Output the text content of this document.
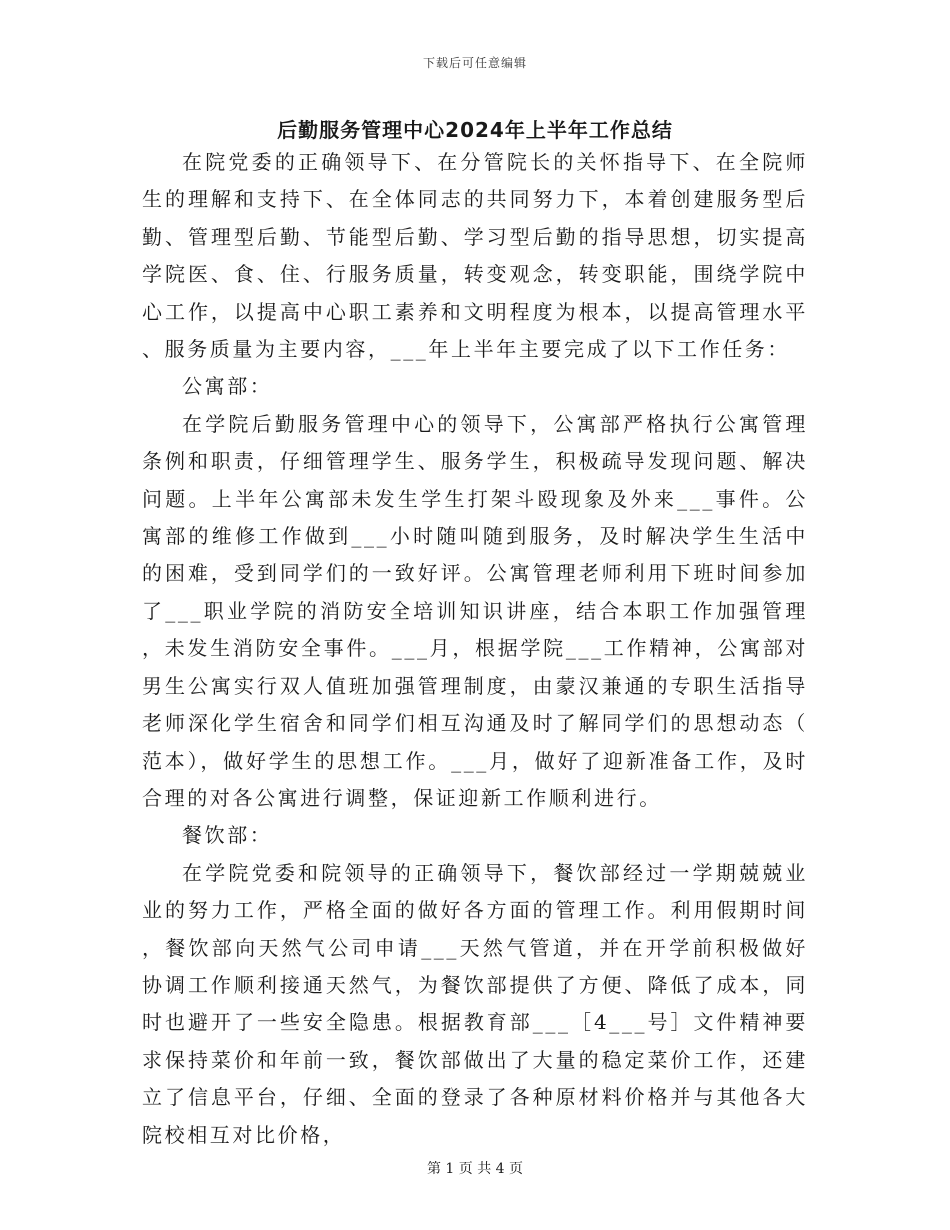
下载后可任意编辑
后勤服务管理中心2024年上半年工作总结

在院党委的正确领导下、在分管院长的关怀指导下、在全院师生的理解和支持下、在全体同志的共同努力下，本着创建服务型后勤、管理型后勤、节能型后勤、学习型后勤的指导思想，切实提高学院医、食、住、行服务质量，转变观念，转变职能，围绕学院中心工作，以提高中心职工素养和文明程度为根本，以提高管理水平、服务质量为主要内容，___年上半年主要完成了以下工作任务：

公寓部：

在学院后勤服务管理中心的领导下，公寓部严格执行公寓管理条例和职责，仔细管理学生、服务学生，积极疏导发现问题、解决问题。上半年公寓部未发生学生打架斗殴现象及外来___事件。公寓部的维修工作做到___小时随叫随到服务，及时解决学生生活中的困难，受到同学们的一致好评。公寓管理老师利用下班时间参加了___职业学院的消防安全培训知识讲座，结合本职工作加强管理，未发生消防安全事件。___月，根据学院___工作精神，公寓部对男生公寓实行双人值班加强管理制度，由蒙汉兼通的专职生活指导老师深化学生宿舍和同学们相互沟通及时了解同学们的思想动态（范本），做好学生的思想工作。___月，做好了迎新准备工作，及时合理的对各公寓进行调整，保证迎新工作顺利进行。

餐饮部：

在学院党委和院领导的正确领导下，餐饮部经过一学期兢兢业业的努力工作，严格全面的做好各方面的管理工作。利用假期时间，餐饮部向天然气公司申请___天然气管道，并在开学前积极做好协调工作顺利接通天然气，为餐饮部提供了方便、降低了成本，同时也避开了一些安全隐患。根据教育部___［4___号］文件精神要求保持菜价和年前一致，餐饮部做出了大量的稳定菜价工作，还建立了信息平台，仔细、全面的登录了各种原材料价格并与其他各大院校相互对比价格，

第 1 页 共 4 页
